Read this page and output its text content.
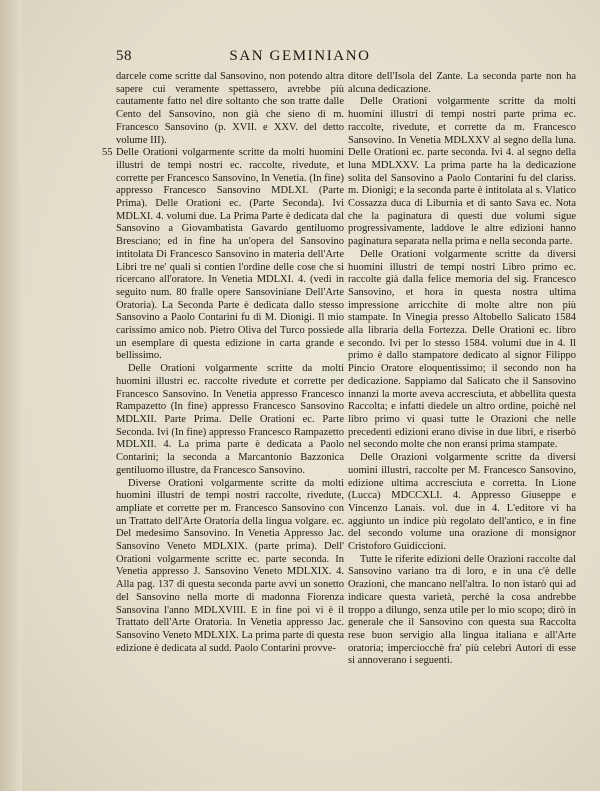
58	SAN GEMINIANO

darcele come scritte dal Sansovino, non potendo altra sapere cui veramente spettassero, avrebbe più cautamente fatto nel dire soltanto che son tratte dalle Cento del Sansovino, non già che sieno di m. Francesco Sansovino (p. XVII. e XXV. del detto volume III).

55 Delle Orationi volgarmente scritte da molti huomini illustri de tempi nostri ec. raccolte, rivedute, et corrette per Francesco Sansovino, In Venetia. (In fine) appresso Francesco Sansovino MDLXI. (Parte Prima). Delle Orationi ec. (Parte Seconda). Ivi MDLXI. 4. volumi due. La Prima Parte è dedicata dal Sansovino a Giovambatista Gavardo gentiluomo Bresciano; ed in fine ha un'opera del Sansovino intitolata Di Francesco Sansovino in materia dell'Arte Libri tre ne' quali si contien l'ordine delle cose che si ricercano all'oratore. In Venetia MDLXI. 4. (vedi in seguito num. 80 fralle opere Sansoviniane Dell'Arte Oratoria). La Seconda Parte è dedicata dallo stesso Sansovino a Paolo Contarini fu di M. Dionigi. Il mio carissimo amico nob. Pietro Oliva del Turco possiede un esemplare di questa edizione in carta grande e bellissimo.

Delle Orationi volgarmente scritte da molti huomini illustri ec. raccolte rivedute et corrette per Francesco Sansovino. In Venetia appresso Francesco Rampazetto (In fine) appresso Francesco Sansovino MDLXII. Parte Prima. Delle Orationi ec. Parte Seconda. Ivi (In fine) appresso Francesco Rampazetto MDLXII. 4. La prima parte è dedicata a Paolo Contarini; la seconda a Marcantonio Bazzonica gentiluomo illustre, da Francesco Sansovino.

Diverse Orationi volgarmente scritte da molti huomini illustri de tempi nostri raccolte, rivedute, ampliate et corrette per m. Francesco Sansovino con un Trattato dell'Arte Oratoria della lingua volgare. ec. Del medesimo Sansovino. In Venetia Appresso Jac. Sansovino Veneto MDLXIX. (parte prima). Dell' Orationi volgarmente scritte ec. parte seconda. In Venetia appresso J. Sansovino Veneto MDLXIX. 4. Alla pag. 137 di questa seconda parte avvi un sonetto del Sansovino nella morte di madonna Fiorenza Sansovina l'anno MDLXVIII. E in fine poi vi è il Trattato dell'Arte Oratoria. In Venetia appresso Jac. Sansovino Veneto MDLXIX. La prima parte di questa edizione è dedicata al sudd. Paolo Contarini provve-

ditore dell'Isola del Zante. La seconda parte non ha alcuna dedicazione.

Delle Orationi volgarmente scritte da molti huomini illustri di tempi nostri parte prima ec. raccolte, rivedute, et corrette da m. Francesco Sansovino. In Venetia MDLXXV al segno della luna. Delle Orationi ec. parte seconda. Ivi 4. al segno della luna MDLXXV. La prima parte ha la dedicazione solita del Sansovino a Paolo Contarini fu del clariss. m. Dionigi; e la seconda parte è intitolata al s. Vlatico Cossazza duca di Liburnia et di santo Sava ec. Nota che la paginatura di questi due volumi sigue progressivamente, laddove le altre edizioni hanno paginatura separata nella prima e nella seconda parte.

Delle Orationi volgarmente scritte da diversi huomini illustri de tempi nostri Libro primo ec. raccolte già dalla felice memoria del sig. Francesco Sansovino, et hora in questa nostra ultima impressione arricchite di molte altre non più stampate. In Vinegia presso Altobello Salicato 1584 alla libraria della Fortezza. Delle Orationi ec. libro secondo. Ivi per lo stesso 1584. volumi due in 4. Il primo è dallo stampatore dedicato al signor Filippo Pincio Oratore eloquentissimo; il secondo non ha dedicazione. Sappiamo dal Salicato che il Sansovino innanzi la morte aveva accresciuta, et abbellita questa Raccolta; e infatti diedele un altro ordine, poichè nel libro primo vi quasi tutte le Orazioni che nelle precedenti edizioni erano divise in due libri, e riserbò nel secondo molte che non eransi prima stampate.

Delle Orazioni volgarmente scritte da diversi uomini illustri, raccolte per M. Francesco Sansovino, edizione ultima accresciuta e corretta. In Lione (Lucca) MDCCXLI. 4. Appresso Giuseppe e Vincenzo Lanais. vol. due in 4. L'editore vi ha aggiunto un indice più regolato dell'antico, e in fine del secondo volume una orazione di monsignor Cristoforo Guidiccioni.

Tutte le riferite edizioni delle Orazioni raccolte dal Sansovino variano tra di loro, e in una c'è delle Orazioni, che mancano nell'altra. Io non istarò qui ad indicare questa varietà, perchè la cosa andrebbe troppo a dilungo, senza utile per lo mio scopo; dirò in generale che il Sansovino con questa sua Raccolta rese buon servigio alla lingua italiana e all'Arte oratoria; imperciocchè fra' più celebri Autori di esse si annoverano i seguenti.
